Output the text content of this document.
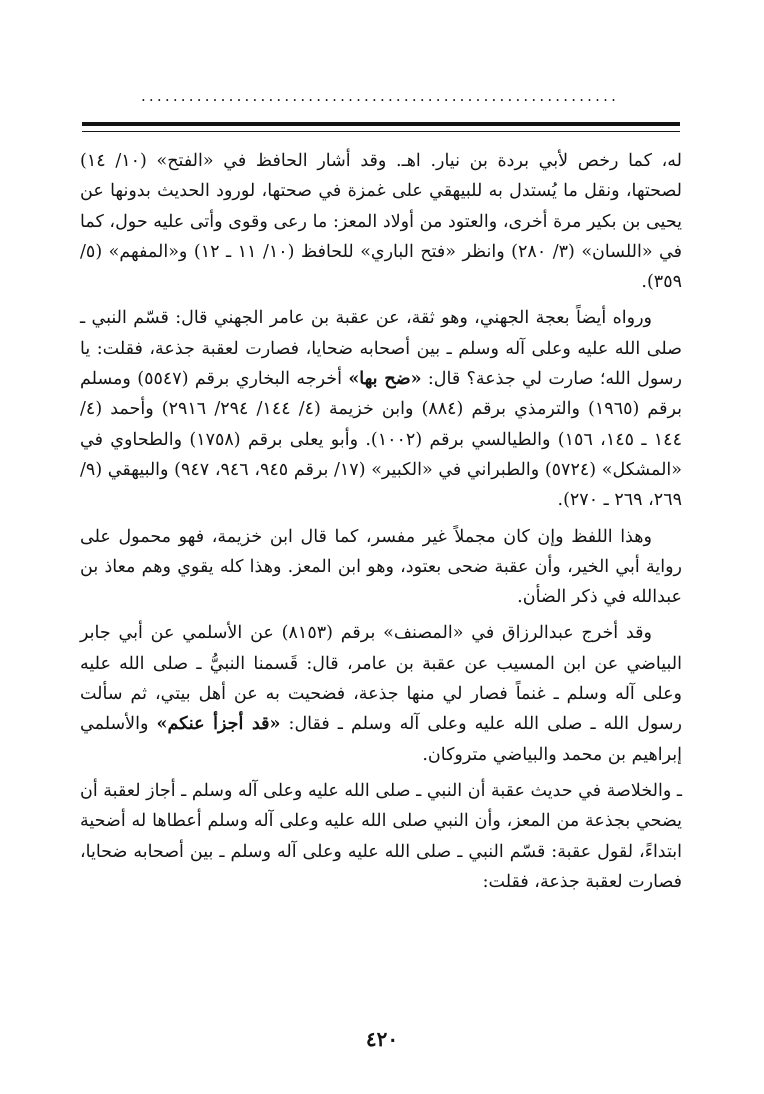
............................................................

له، كما رخص لأبي بردة بن نيار. اهـ. وقد أشار الحافظ في «الفتح» (١٠/ ١٤) لصحتها، ونقل ما يُستدل به للبيهقي على غمزة في صحتها، لورود الحديث بدونها عن يحيى بن بكير مرة أخرى، والعتود من أولاد المعز: ما رعى وقوى وأتى عليه حول، كما في «اللسان» (٣/ ٢٨٠) وانظر «فتح الباري» للحافظ (١٠/ ١١ ـ ١٢) و«المفهم» (٥/ ٣٥٩).

ورواه أيضاً بعجة الجهني، وهو ثقة، عن عقبة بن عامر الجهني قال: قسّم النبي ـ صلى الله عليه وعلى آله وسلم ـ بين أصحابه ضحايا، فصارت لعقبة جذعة، فقلت: يا رسول الله؛ صارت لي جذعة؟ قال: «ضح بها» أخرجه البخاري برقم (٥٥٤٧) ومسلم برقم (١٩٦٥) والترمذي برقم (٨٨٤) وابن خزيمة (٤/ ١٤٤/ ٢٩٤/ ٢٩١٦) وأحمد (٤/ ١٤٤ ـ ١٤٥، ١٥٦) والطيالسي برقم (١٠٠٢). وأبو يعلى برقم (١٧٥٨) والطحاوي في «المشكل» (٥٧٢٤) والطبراني في «الكبير» (١٧/ برقم ٩٤٥، ٩٤٦، ٩٤٧) والبيهقي (٩/ ٢٦٩، ٢٦٩ ـ ٢٧٠).

وهذا اللفظ وإن كان مجملاً غير مفسر، كما قال ابن خزيمة، فهو محمول على رواية أبي الخير، وأن عقبة ضحى بعتود، وهو ابن المعز. وهذا كله يقوي وهم معاذ بن عبدالله في ذكر الضأن.

وقد أخرج عبدالرزاق في «المصنف» برقم (٨١٥٣) عن الأسلمي عن أبي جابر البياضي عن ابن المسيب عن عقبة بن عامر، قال: قَسمنا النبيُّ ـ صلى الله عليه وعلى آله وسلم ـ غنماً فصار لي منها جذعة، فضحيت به عن أهل بيتي، ثم سألت رسول الله ـ صلى الله عليه وعلى آله وسلم ـ فقال: «قد أجزأ عنكم» والأسلمي إبراهيم بن محمد والبياضي متروكان.

ـ والخلاصة في حديث عقبة أن النبي ـ صلى الله عليه وعلى آله وسلم ـ أجاز لعقبة أن يضحي بجذعة من المعز، وأن النبي صلى الله عليه وعلى آله وسلم أعطاها له أضحية ابتداءً، لقول عقبة: قسّم النبي ـ صلى الله عليه وعلى آله وسلم ـ بين أصحابه ضحايا، فصارت لعقبة جذعة، فقلت:

٤٢٠
